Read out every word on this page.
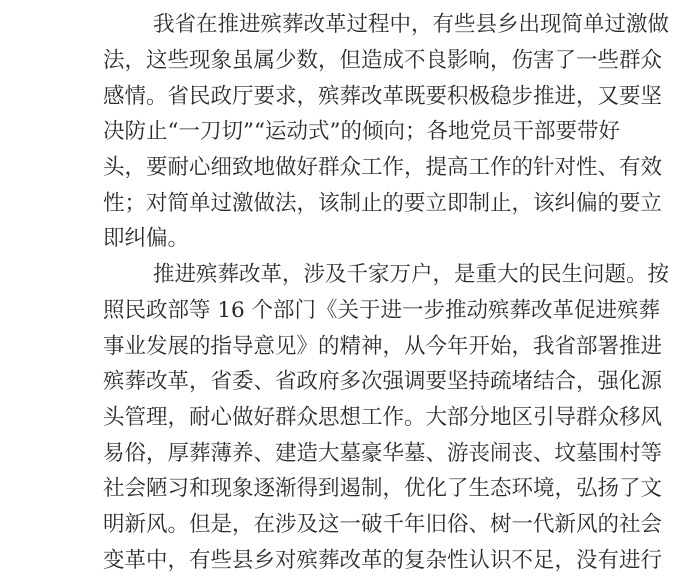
我省在推进殡葬改革过程中，有些县乡出现简单过激做
法，这些现象虽属少数，但造成不良影响，伤害了一些群众
感情。省民政厅要求，殡葬改革既要积极稳步推进，又要坚
决防止“一刀切”“运动式”的倾向；各地党员干部要带好
头，要耐心细致地做好群众工作，提高工作的针对性、有效
性；对简单过激做法，该制止的要立即制止，该纠偏的要立
即纠偏。
推进殡葬改革，涉及千家万户，是重大的民生问题。按
照民政部等 16 个部门《关于进一步推动殡葬改革促进殡葬
事业发展的指导意见》的精神，从今年开始，我省部署推进
殡葬改革，省委、省政府多次强调要坚持疏堵结合，强化源
头管理，耐心做好群众思想工作。大部分地区引导群众移风
易俗，厚葬薄养、建造大墓豪华墓、游丧闹丧、坟墓围村等
社会陋习和现象逐渐得到遏制，优化了生态环境，弘扬了文
明新风。但是，在涉及这一破千年旧俗、树一代新风的社会
变革中，有些县乡对殡葬改革的复杂性认识不足，没有进行
